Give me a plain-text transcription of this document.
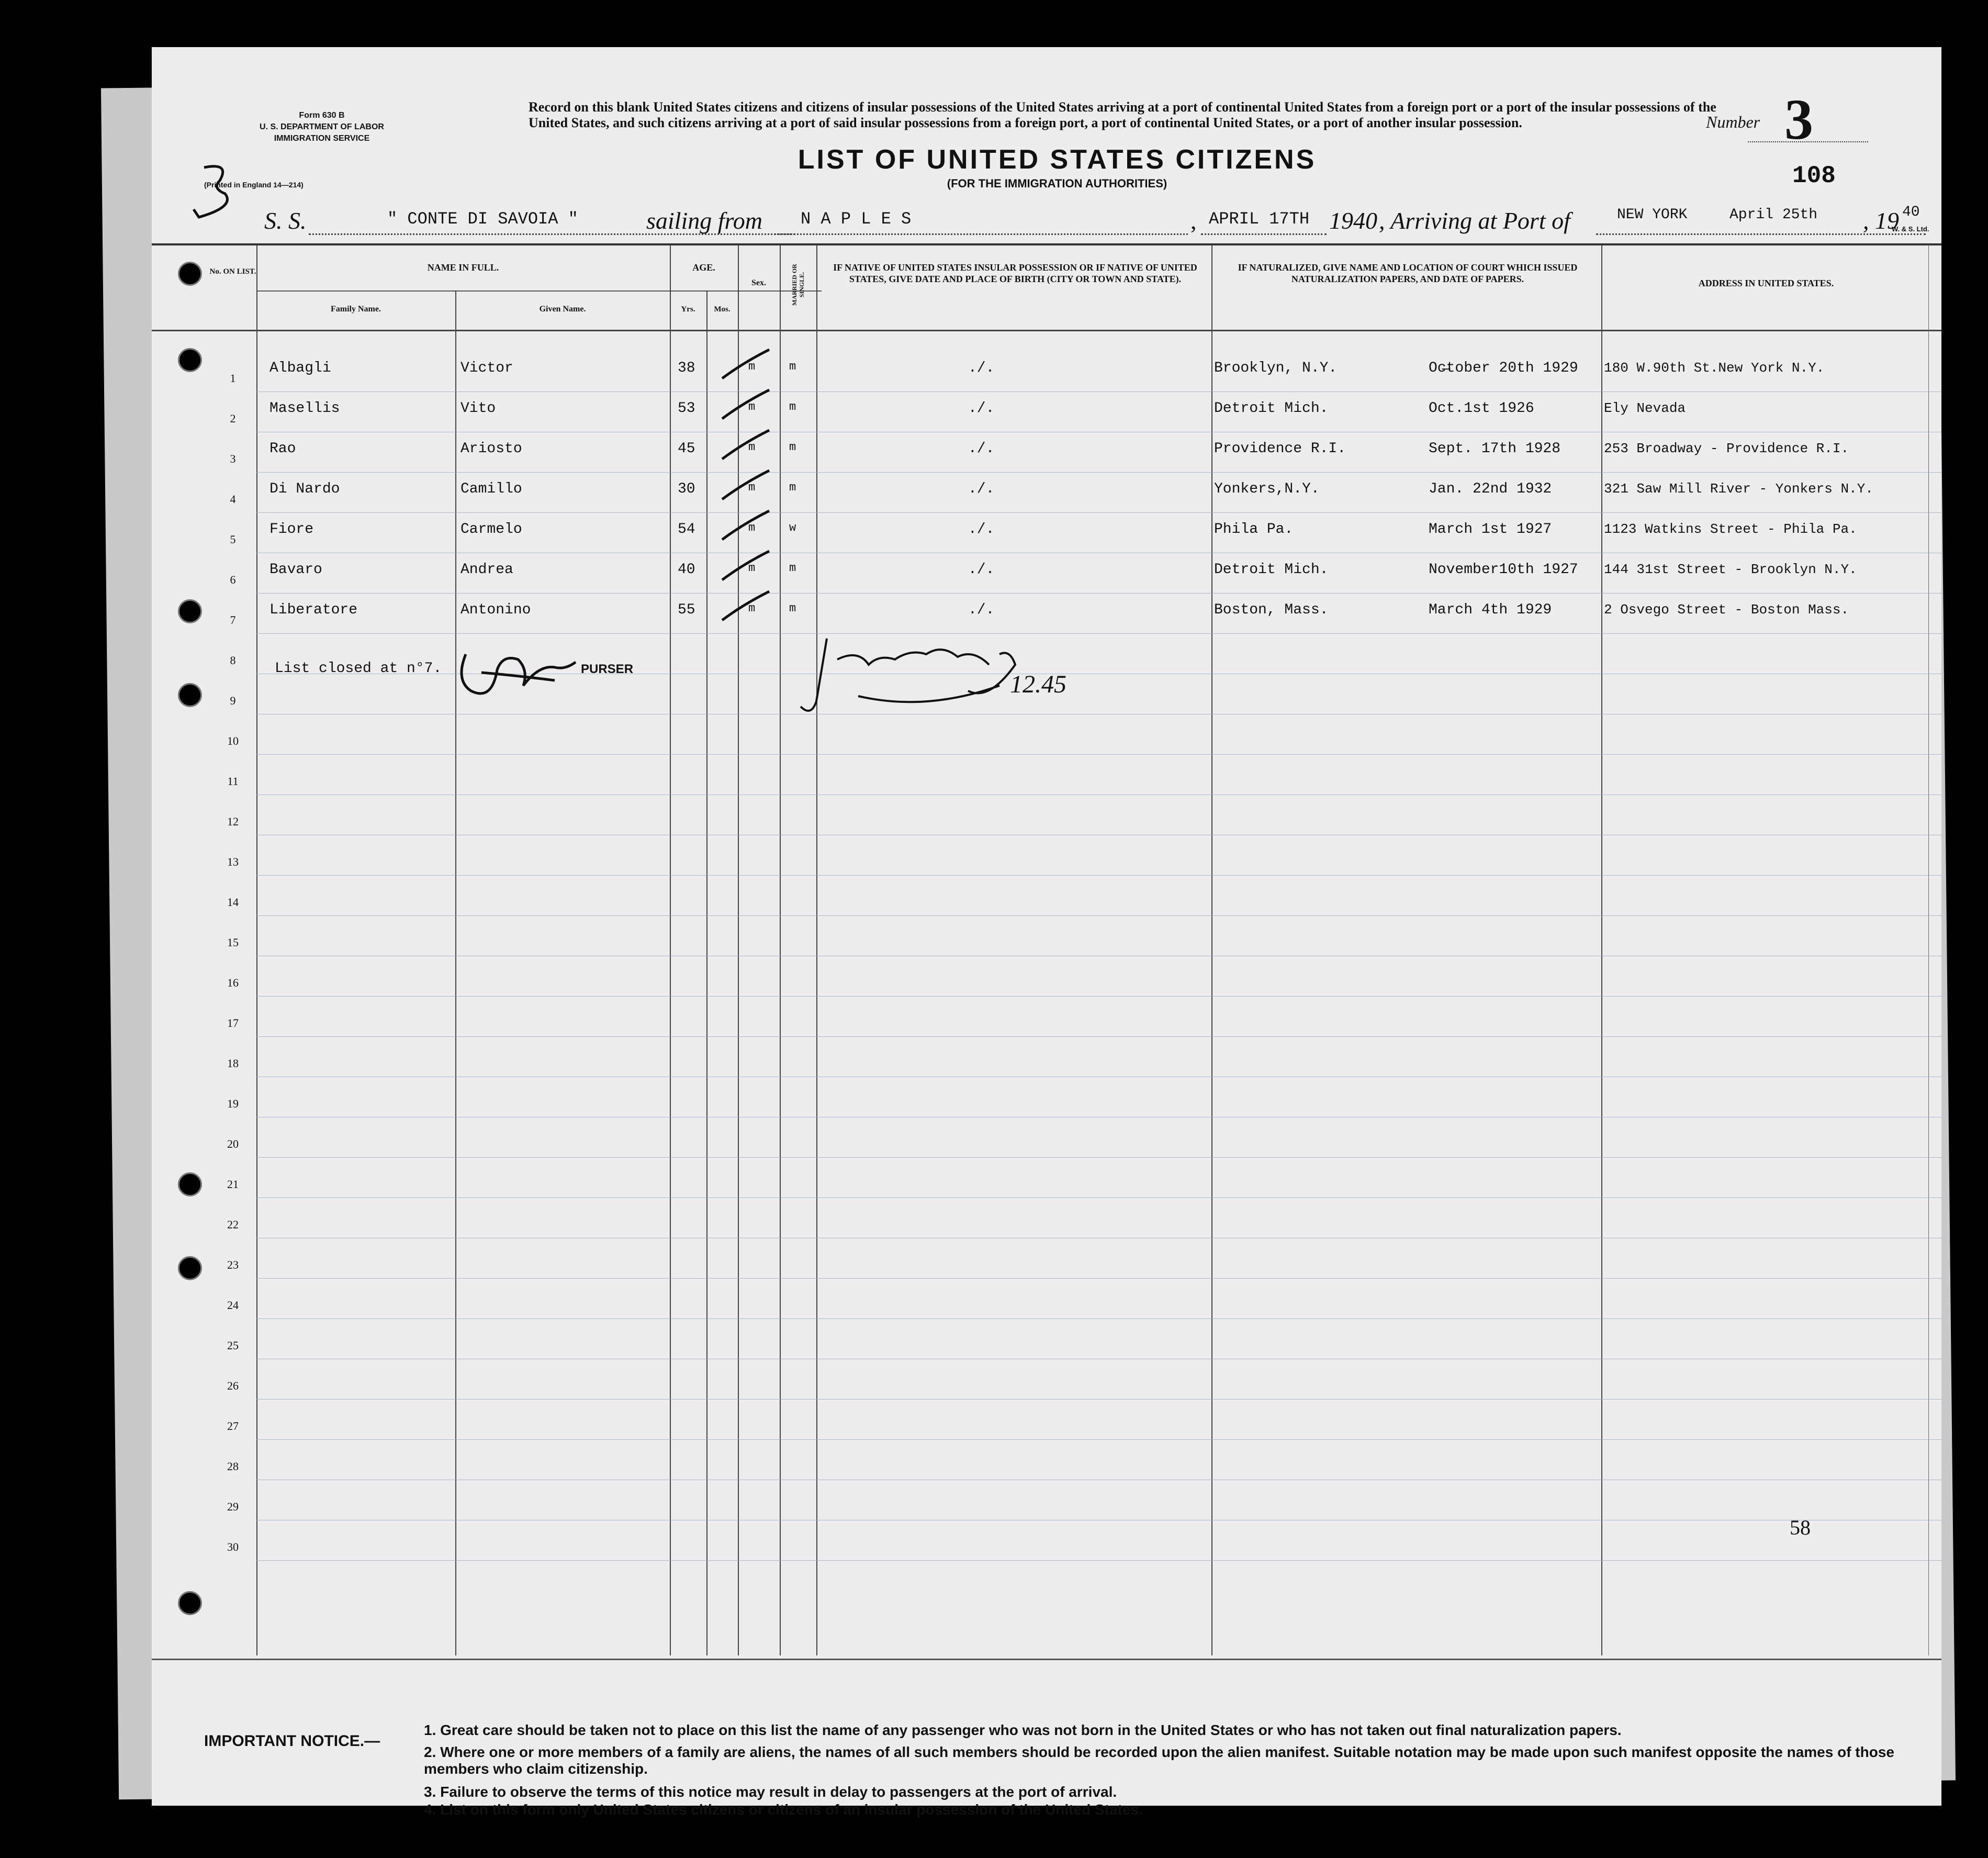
Form 630 B
U. S. DEPARTMENT OF LABOR
IMMIGRATION SERVICE
(Printed in England 14—214)
Record on this blank United States citizens and citizens of insular possessions of the United States arriving at a port of continental United States from a foreign port or a port of the insular possessions of the United States, and such citizens arriving at a port of said insular possessions from a foreign port, a port of continental United States, or a port of another insular possession.
LIST OF UNITED STATES CITIZENS
(FOR THE IMMIGRATION AUTHORITIES)
Number 3
108
S. S.	" CONTE DI SAVOIA "	sailing from N A P L E S	, APRIL 17TH 1940 , Arriving at Port of	NEW YORK	April 25th , 19 40
W. & S. Ltd.
No. ON LIST.	NAME IN FULL.
Family Name.	Given Name.
AGE.
Yrs.	Mos.
Sex.	MARRIED OR SINGLE.
IF NATIVE OF UNITED STATES INSULAR POSSESSION OR IF NATIVE OF UNITED STATES, GIVE DATE AND PLACE OF BIRTH (CITY OR TOWN AND STATE).
IF NATURALIZED, GIVE NAME AND LOCATION OF COURT WHICH ISSUED NATURALIZATION PAPERS, AND DATE OF PAPERS.	ADDRESS IN UNITED STATES.
1
2
3
4
5
6
7
8
9
10
11
12
13
14
15
16
17
18
19
20
21
22
23
24
25
26
27
28
29
30
Albagli	Victor	38	m	m	./.	Brooklyn, N.Y.	Oc̶tober 20th 1929 180 W.90th St.New York N.Y.
Masellis	Vito	53	m	m	./.	Detroit Mich.	Oct.1st 1926	Ely Nevada
Rao	Ariosto	45	m	m	./.	Providence R.I.	Sept. 17th 1928	253 Broadway - Providence R.I.
Di Nardo	Camillo	30	m	m	./.	Yonkers,N.Y.	Jan. 22nd 1932	321 Saw Mill River - Yonkers N.Y.
Fiore	Carmelo	54	m	w	./.	Phila Pa.	March 1st 1927	1123 Watkins Street - Phila Pa.
Bavaro	Andrea	40	m	m	./.	Detroit Mich.	November10th 1927 144 31st Street - Brooklyn N.Y.
Liberatore	Antonino	55	m	m	./.	Boston, Mass.	March 4th 1929	2 Osvego Street - Boston Mass.
List closed at n°7.	PURSER
12.45
58
IMPORTANT NOTICE.—
1. Great care should be taken not to place on this list the name of any passenger who was not born in the United States or who has not taken out final naturalization papers.
2. Where one or more members of a family are aliens, the names of all such members should be recorded upon the alien manifest. Suitable notation may be made upon such manifest opposite the names of those members who claim citizenship.
3. Failure to observe the terms of this notice may result in delay to passengers at the port of arrival.
4. List on this form only United States citizens or citizens of an insular possession of the United States.
